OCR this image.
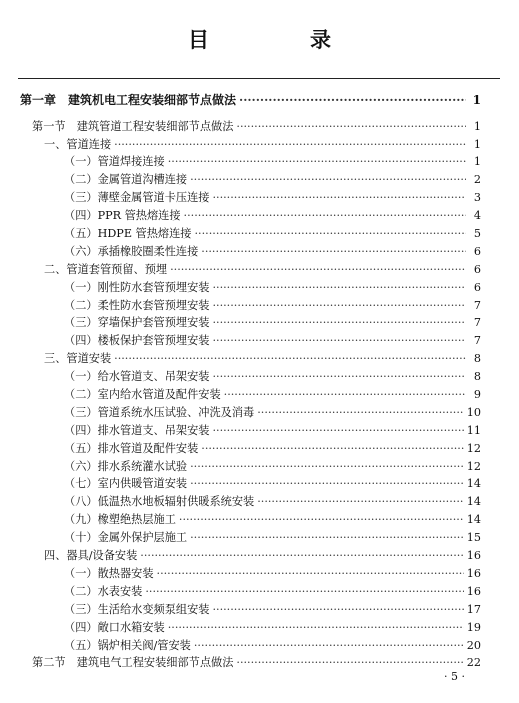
目　录
第一章　建筑机电工程安装细部节点做法 ·····	1
第一节　建筑管道工程安装细部节点做法 ·····	1
一、管道连接 ·····	1
（一）管道焊接连接 ·····	1
（二）金属管道沟槽连接 ·····	2
（三）薄壁金属管道卡压连接 ·····	3
（四）PPR 管热熔连接 ·····	4
（五）HDPE 管热熔连接 ·····	5
（六）承插橡胶圈柔性连接 ·····	6
二、管道套管预留、预埋 ·····	6
（一）刚性防水套管预埋安装 ·····	6
（二）柔性防水套管预埋安装 ·····	7
（三）穿墙保护套管预埋安装 ·····	7
（四）楼板保护套管预埋安装 ·····	7
三、管道安装 ·····	8
（一）给水管道支、吊架安装 ·····	8
（二）室内给水管道及配件安装 ·····	9
（三）管道系统水压试验、冲洗及消毒 ·····	10
（四）排水管道支、吊架安装 ·····	11
（五）排水管道及配件安装 ·····	12
（六）排水系统灌水试验 ·····	12
（七）室内供暖管道安装 ·····	14
（八）低温热水地板辐射供暖系统安装 ·····	14
（九）橡塑绝热层施工 ·····	14
（十）金属外保护层施工 ·····	15
四、器具/设备安装 ·····	16
（一）散热器安装 ·····	16
（二）水表安装 ·····	16
（三）生活给水变频泵组安装 ·····	17
（四）敞口水箱安装 ·····	19
（五）锅炉相关阀/管安装 ·····	20
第二节　建筑电气工程安装细部节点做法 ·····	22
· 5 ·
